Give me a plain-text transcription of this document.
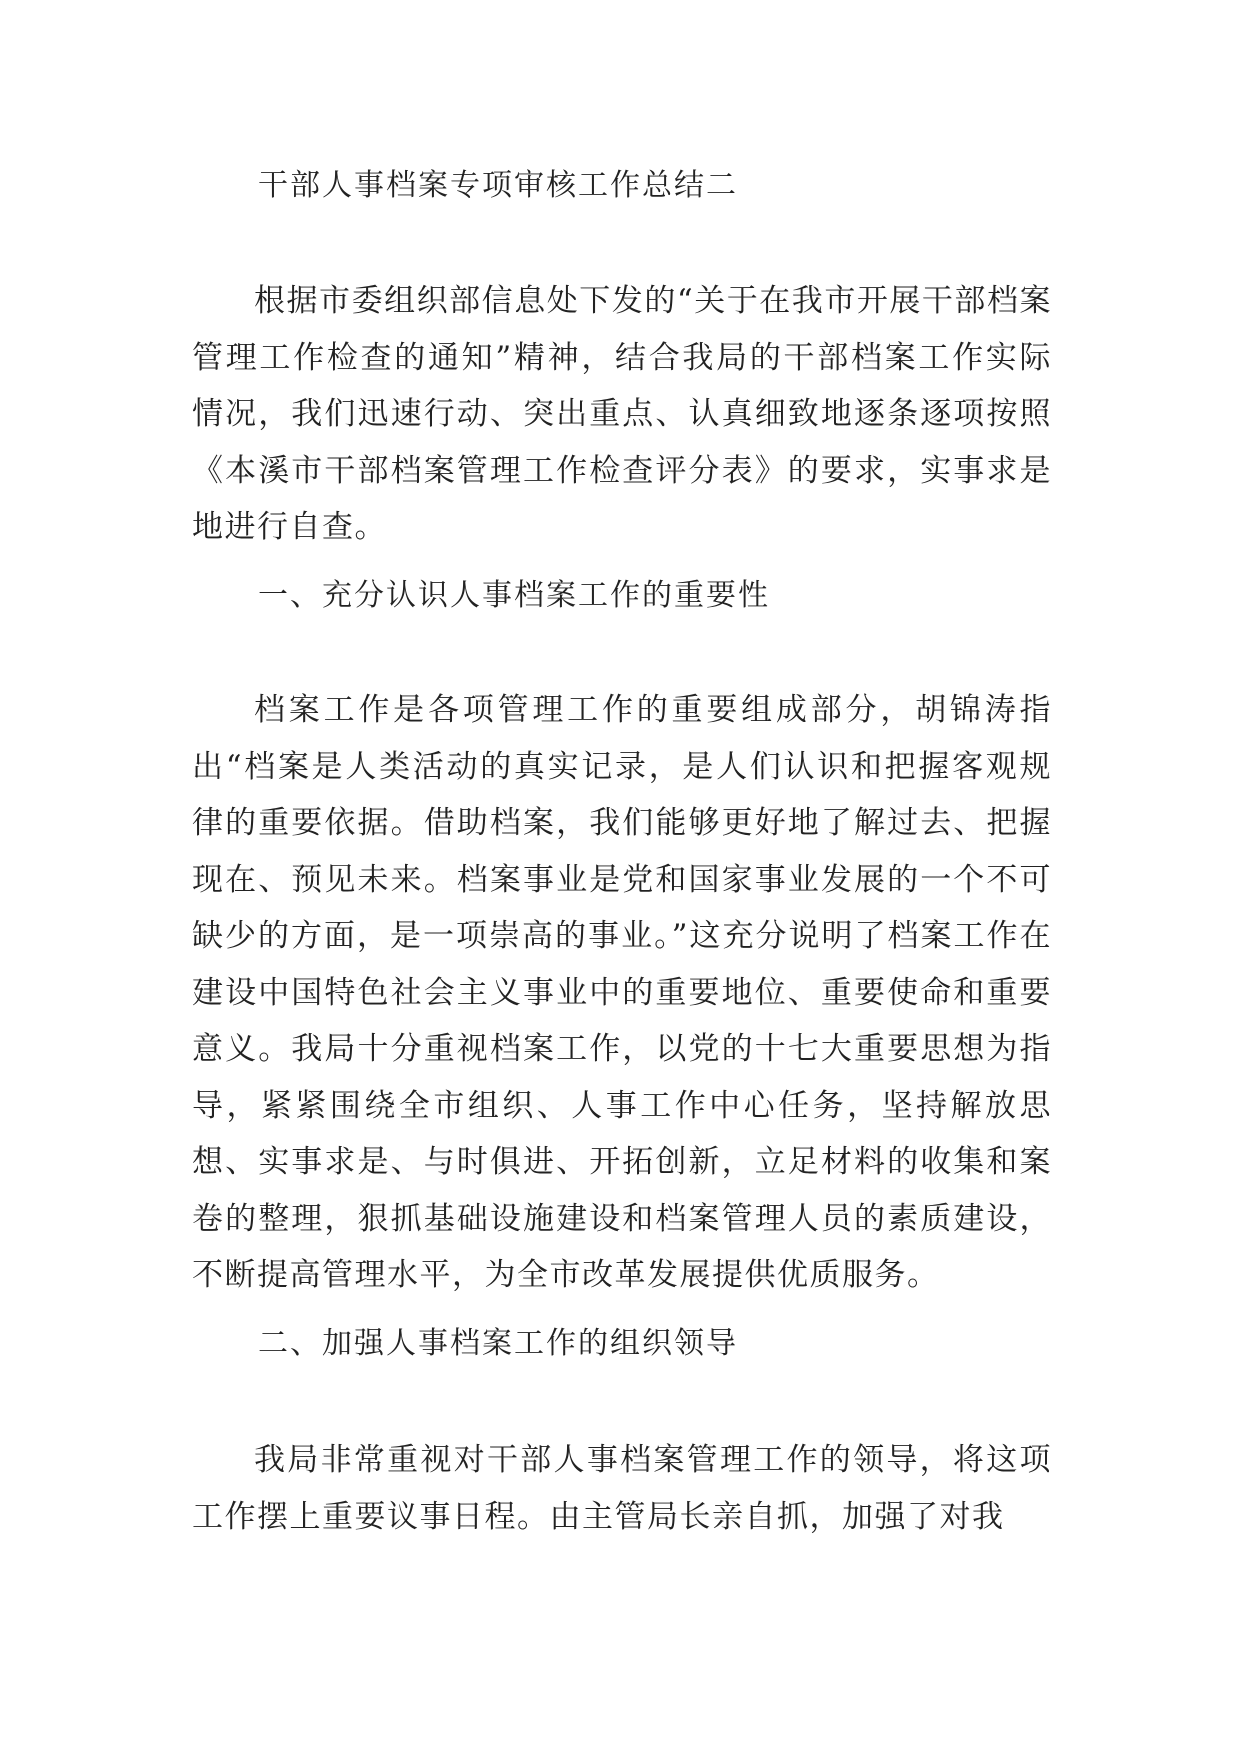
干部人事档案专项审核工作总结二

根据市委组织部信息处下发的“关于在我市开展干部档案管理工作检查的通知”精神，结合我局的干部档案工作实际情况，我们迅速行动、突出重点、认真细致地逐条逐项按照《本溪市干部档案管理工作检查评分表》的要求，实事求是地进行自查。

一、充分认识人事档案工作的重要性

档案工作是各项管理工作的重要组成部分，胡锦涛指出“档案是人类活动的真实记录，是人们认识和把握客观规律的重要依据。借助档案，我们能够更好地了解过去、把握现在、预见未来。档案事业是党和国家事业发展的一个不可缺少的方面，是一项崇高的事业。”这充分说明了档案工作在建设中国特色社会主义事业中的重要地位、重要使命和重要意义。我局十分重视档案工作，以党的十七大重要思想为指导，紧紧围绕全市组织、人事工作中心任务，坚持解放思想、实事求是、与时俱进、开拓创新，立足材料的收集和案卷的整理，狠抓基础设施建设和档案管理人员的素质建设，不断提高管理水平，为全市改革发展提供优质服务。

二、加强人事档案工作的组织领导

我局非常重视对干部人事档案管理工作的领导，将这项工作摆上重要议事日程。由主管局长亲自抓，加强了对我
